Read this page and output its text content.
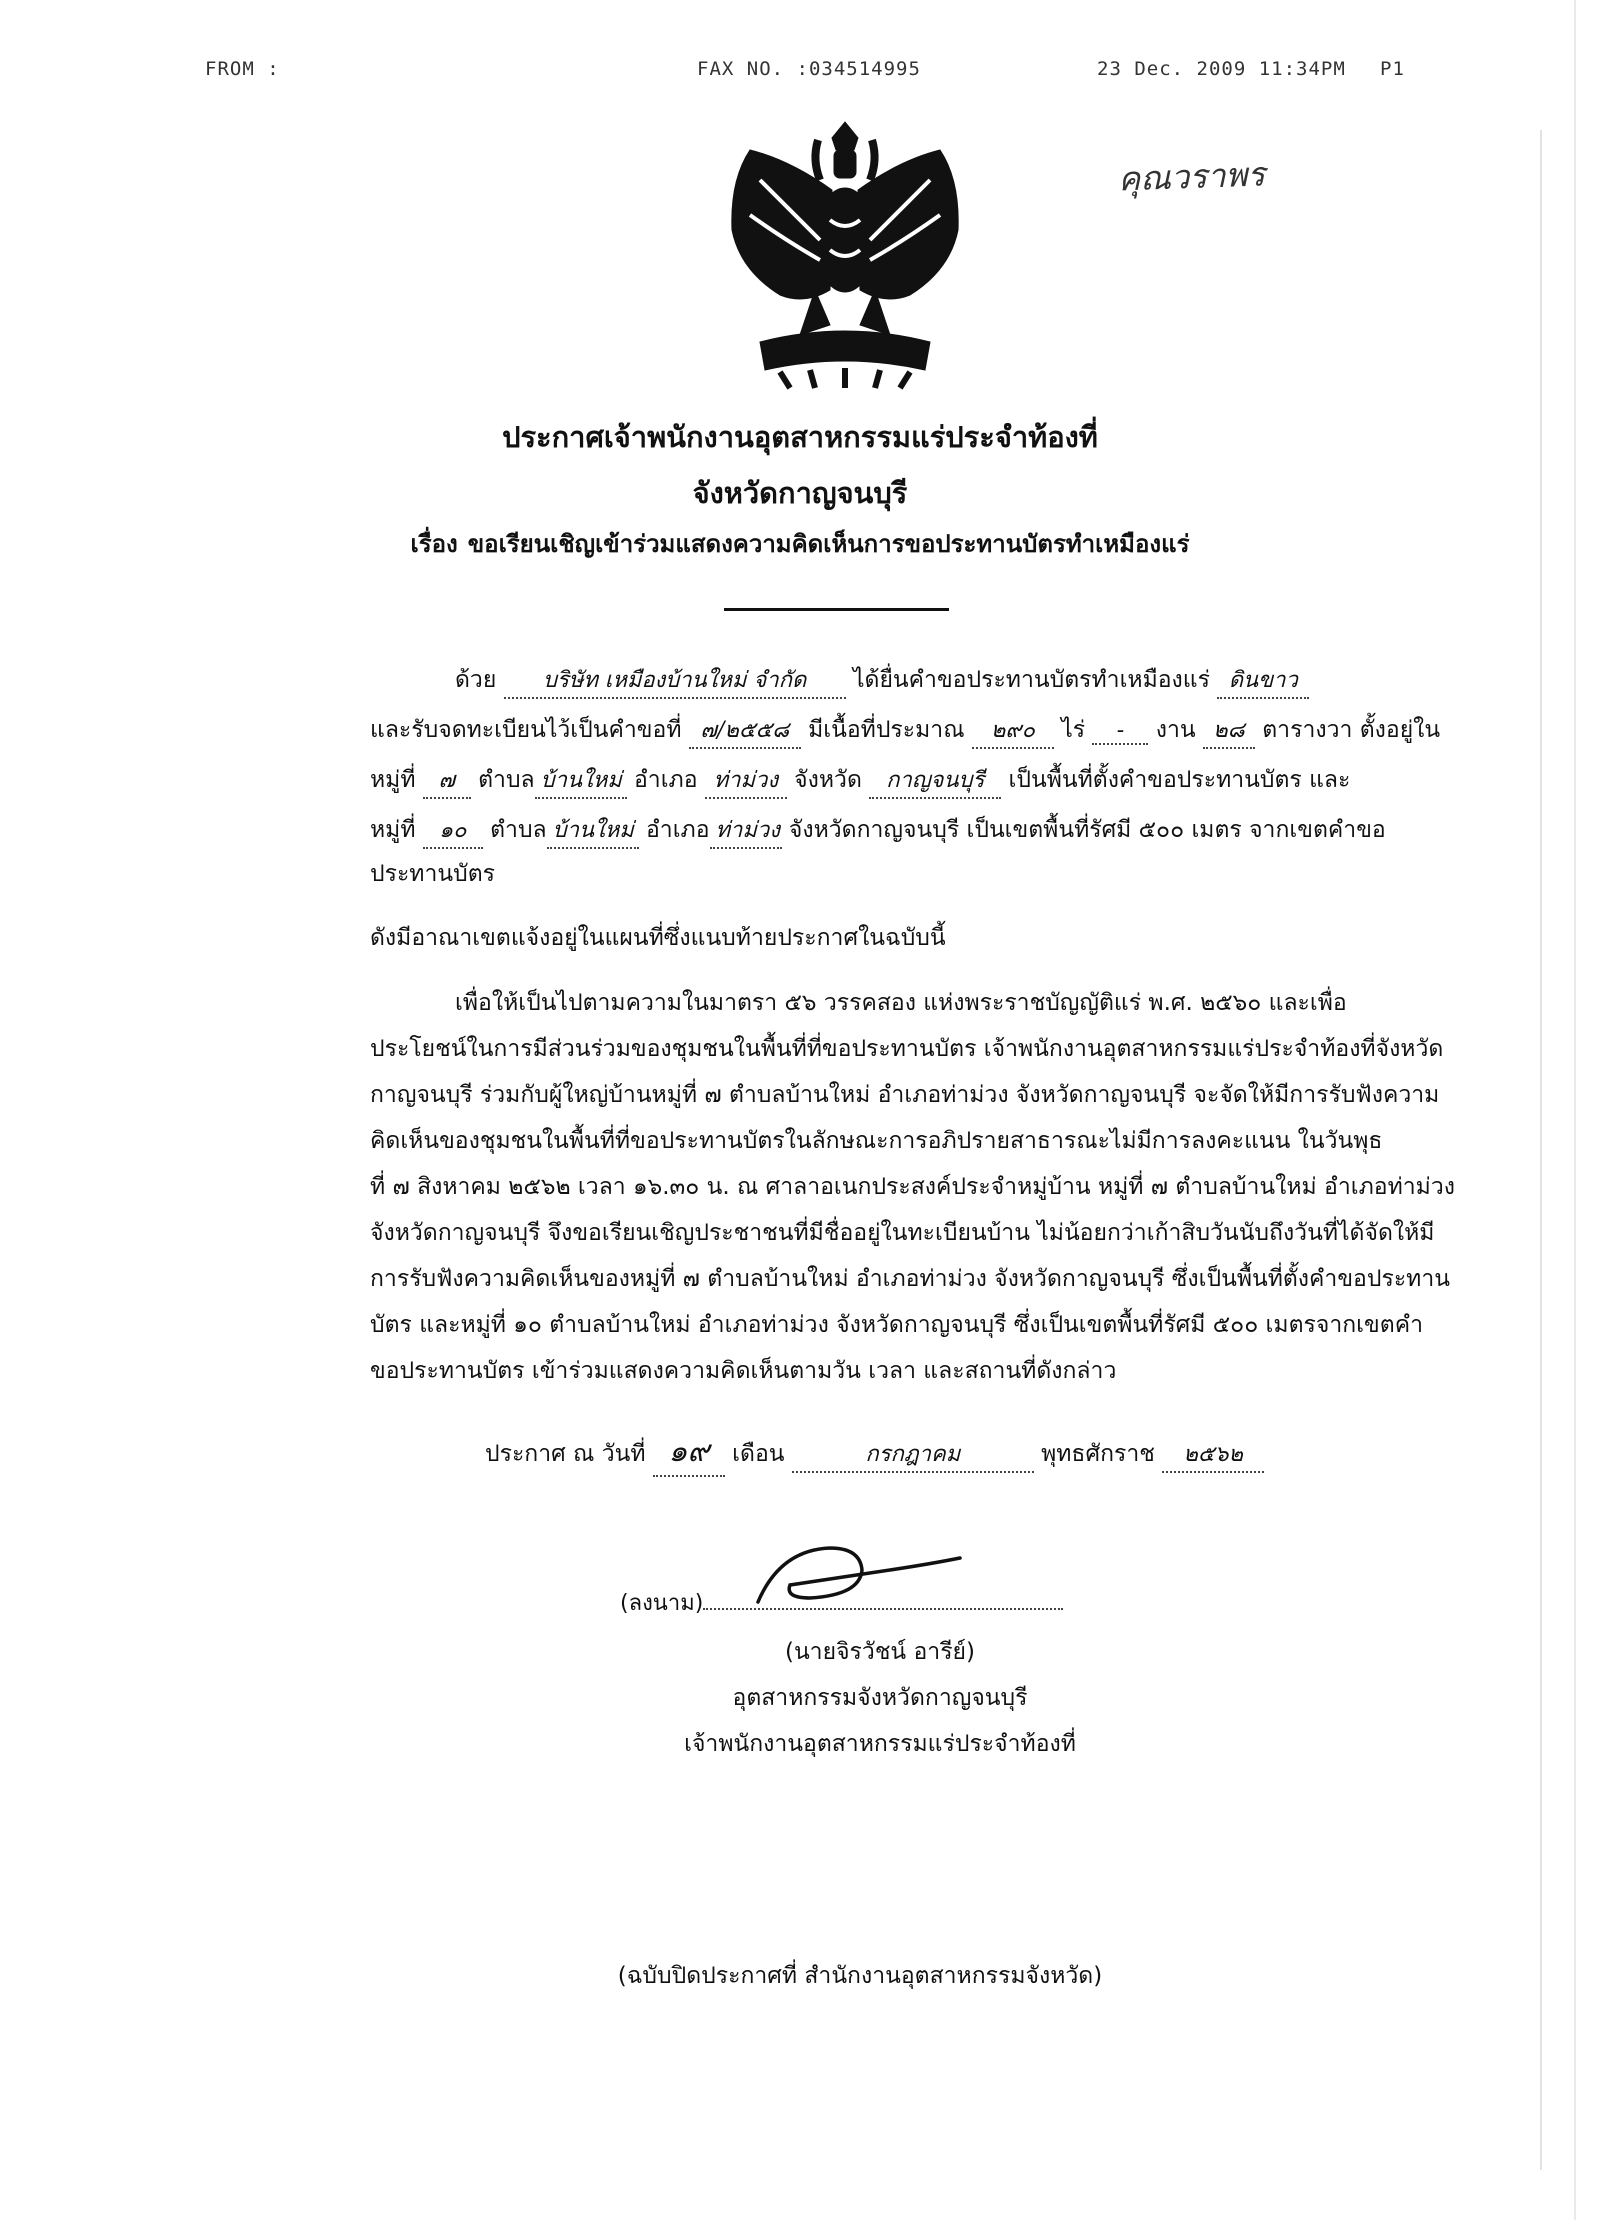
FROM :	FAX NO. :034514995	23 Dec. 2009 11:34PM P1
คุณวราพร
ประกาศเจ้าพนักงานอุตสาหกรรมแร่ประจำท้องที่
จังหวัดกาญจนบุรี
เรื่อง ขอเรียนเชิญเข้าร่วมแสดงความคิดเห็นการขอประทานบัตรทำเหมืองแร่
ด้วย บริษัท เหมืองบ้านใหม่ จำกัด ได้ยื่นคำขอประทานบัตรทำเหมืองแร่ ดินขาว
และรับจดทะเบียนไว้เป็นคำขอที่ ๗/๒๕๕๘ มีเนื้อที่ประมาณ ๒๙๐ ไร่ - งาน ๒๘ ตารางวา ตั้งอยู่ใน
หมู่ที่ ๗ ตำบล บ้านใหม่ อำเภอ ท่าม่วง จังหวัด กาญจนบุรี เป็นพื้นที่ตั้งคำขอประทานบัตร และ
หมู่ที่ ๑๐ ตำบล บ้านใหม่ อำเภอ ท่าม่วง จังหวัดกาญจนบุรี เป็นเขตพื้นที่รัศมี ๕๐๐ เมตร จากเขตคำขอ
ประทานบัตร
ดังมีอาณาเขตแจ้งอยู่ในแผนที่ซึ่งแนบท้ายประกาศในฉบับนี้
เพื่อให้เป็นไปตามความในมาตรา ๕๖ วรรคสอง แห่งพระราชบัญญัติแร่ พ.ศ. ๒๕๖๐ และเพื่อ
ประโยชน์ในการมีส่วนร่วมของชุมชนในพื้นที่ที่ขอประทานบัตร เจ้าพนักงานอุตสาหกรรมแร่ประจำท้องที่จังหวัด
กาญจนบุรี ร่วมกับผู้ใหญ่บ้านหมู่ที่ ๗ ตำบลบ้านใหม่ อำเภอท่าม่วง จังหวัดกาญจนบุรี จะจัดให้มีการรับฟังความ
คิดเห็นของชุมชนในพื้นที่ที่ขอประทานบัตรในลักษณะการอภิปรายสาธารณะไม่มีการลงคะแนน ในวันพุธ
ที่ ๗ สิงหาคม ๒๕๖๒ เวลา ๑๖.๓๐ น. ณ ศาลาอเนกประสงค์ประจำหมู่บ้าน หมู่ที่ ๗ ตำบลบ้านใหม่ อำเภอท่าม่วง
จังหวัดกาญจนบุรี จึงขอเรียนเชิญประชาชนที่มีชื่ออยู่ในทะเบียนบ้าน ไม่น้อยกว่าเก้าสิบวันนับถึงวันที่ได้จัดให้มี
การรับฟังความคิดเห็นของหมู่ที่ ๗ ตำบลบ้านใหม่ อำเภอท่าม่วง จังหวัดกาญจนบุรี ซึ่งเป็นพื้นที่ตั้งคำขอประทาน
บัตร และหมู่ที่ ๑๐ ตำบลบ้านใหม่ อำเภอท่าม่วง จังหวัดกาญจนบุรี ซึ่งเป็นเขตพื้นที่รัศมี ๕๐๐ เมตรจากเขตคำ
ขอประทานบัตร เข้าร่วมแสดงความคิดเห็นตามวัน เวลา และสถานที่ดังกล่าว
ประกาศ ณ วันที่ ๑๙ เดือน	กรกฎาคม	พุทธศักราช ๒๕๖๒
(ลงนาม)
(นายจิรวัชน์ อารีย์)
อุตสาหกรรมจังหวัดกาญจนบุรี
เจ้าพนักงานอุตสาหกรรมแร่ประจำท้องที่
(ฉบับปิดประกาศที่ สำนักงานอุตสาหกรรมจังหวัด)
